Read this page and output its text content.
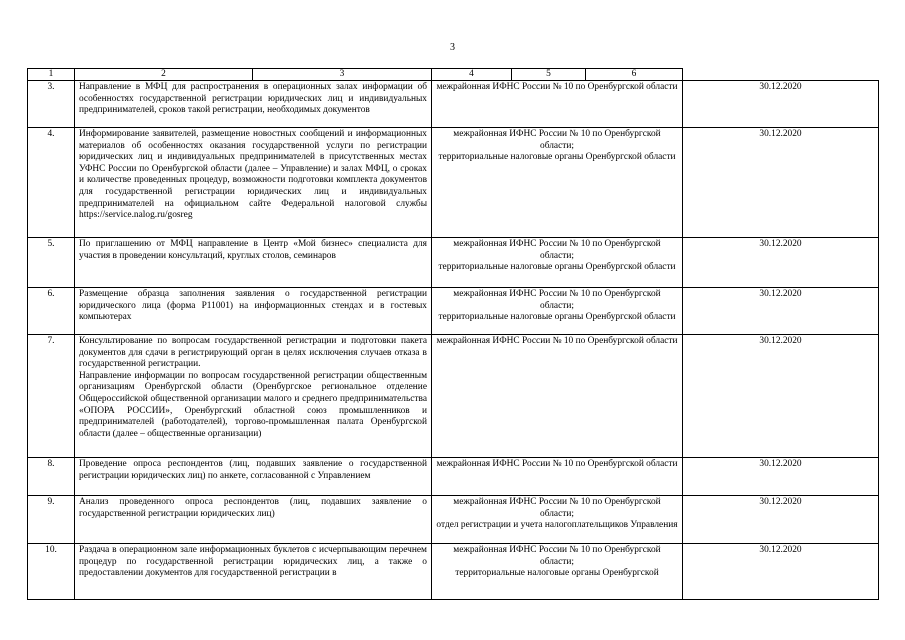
3
1	2	3	4	5	6	
3.	Направление в МФЦ для распространения в операционных залах информации об особенностях государственной регистрации юридических лиц и индивидуальных предпринимателей, сроков такой регистрации, необходимых документов		межрайонная ИФНС России № 10 по Оренбургской области			30.12.2020
4.	Информирование заявителей, размещение новостных сообщений и информационных материалов об особенностях оказания государственной услуги по регистрации юридических лиц и индивидуальных предпринимателей в присутственных местах УФНС России по Оренбургской области (далее – Управление) и залах МФЦ, о сроках и количестве проведенных процедур, возможности подготовки комплекта документов для государственной регистрации юридических лиц и индивидуальных предпринимателей на официальном сайте Федеральной налоговой службы https://service.nalog.ru/gosreg		межрайонная ИФНС России № 10 по Оренбургской области;
территориальные налоговые органы Оренбургской области			30.12.2020
5.	По приглашению от МФЦ направление в Центр «Мой бизнес» специалиста для участия в проведении консультаций, круглых столов, семинаров		межрайонная ИФНС России № 10 по Оренбургской области;
территориальные налоговые органы Оренбургской области			30.12.2020
6.	Размещение образца заполнения заявления о государственной регистрации юридического лица (форма Р11001) на информационных стендах и в гостевых компьютерах		межрайонная ИФНС России № 10 по Оренбургской области;
территориальные налоговые органы Оренбургской области			30.12.2020
7.	Консультирование по вопросам государственной регистрации и подготовки пакета документов для сдачи в регистрирующий орган в целях исключения случаев отказа в государственной регистрации.
Направление информации по вопросам государственной регистрации общественным организациям Оренбургской области (Оренбургское региональное отделение Общероссийской общественной организации малого и среднего предпринимательства «ОПОРА РОССИИ», Оренбургский областной союз промышленников и предпринимателей (работодателей), торгово-промышленная палата Оренбургской области (далее – общественные организации)		межрайонная ИФНС России № 10 по Оренбургской области			30.12.2020
8.	Проведение опроса респондентов (лиц, подавших заявление о государственной регистрации юридических лиц) по анкете, согласованной с Управлением		межрайонная ИФНС России № 10 по Оренбургской области			30.12.2020
9.	Анализ проведенного опроса респондентов (лиц, подавших заявление о государственной регистрации юридических лиц)		межрайонная ИФНС России № 10 по Оренбургской области;
отдел регистрации и учета налогоплательщиков Управления			30.12.2020
10.	Раздача в операционном зале информационных буклетов с исчерпывающим перечнем процедур по государственной регистрации юридических лиц, а также о предоставлении документов для государственной регистрации в		межрайонная ИФНС России № 10 по Оренбургской области;
территориальные налоговые органы Оренбургской			30.12.2020
